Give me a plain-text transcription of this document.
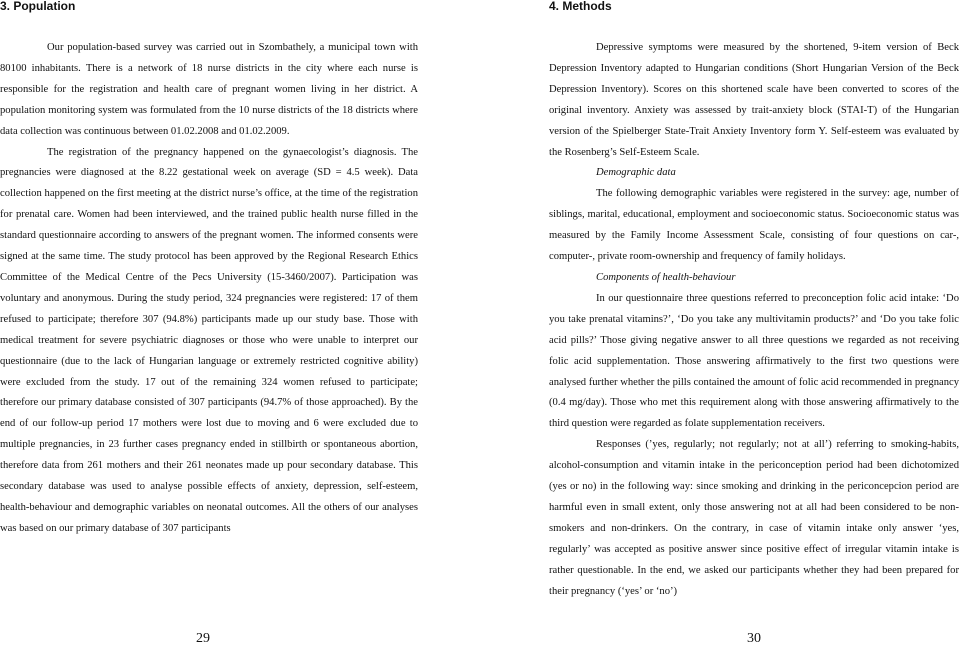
3. Population

Our population-based survey was carried out in Szombathely, a municipal town with 80100 inhabitants. There is a network of 18 nurse districts in the city where each nurse is responsible for the registration and health care of pregnant women living in her district. A population monitoring system was formulated from the 10 nurse districts of the 18 districts where data collection was continuous between 01.02.2008 and 01.02.2009.

The registration of the pregnancy happened on the gynaecologist’s diagnosis. The pregnancies were diagnosed at the 8.22 gestational week on average (SD = 4.5 week). Data collection happened on the first meeting at the district nurse’s office, at the time of the registration for prenatal care. Women had been interviewed, and the trained public health nurse filled in the standard questionnaire according to answers of the pregnant women. The informed consents were signed at the same time. The study protocol has been approved by the Regional Research Ethics Committee of the Medical Centre of the Pecs University (15-3460/2007). Participation was voluntary and anonymous. During the study period, 324 pregnancies were registered: 17 of them refused to participate; therefore 307 (94.8%) participants made up our study base. Those with medical treatment for severe psychiatric diagnoses or those who were unable to interpret our questionnaire (due to the lack of Hungarian language or extremely restricted cognitive ability) were excluded from the study. 17 out of the remaining 324 women refused to participate; therefore our primary database consisted of 307 participants (94.7% of those approached). By the end of our follow-up period 17 mothers were lost due to moving and 6 were excluded due to multiple pregnancies, in 23 further cases pregnancy ended in stillbirth or spontaneous abortion, therefore data from 261 mothers and their 261 neonates made up pour secondary database. This secondary database was used to analyse possible effects of anxiety, depression, self-esteem, health-behaviour and demographic variables on neonatal outcomes. All the others of our analyses was based on our primary database of 307 participants

29
4. Methods

Depressive symptoms were measured by the shortened, 9-item version of Beck Depression Inventory adapted to Hungarian conditions (Short Hungarian Version of the Beck Depression Inventory). Scores on this shortened scale have been converted to scores of the original inventory. Anxiety was assessed by trait-anxiety block (STAI-T) of the Hungarian version of the Spielberger State-Trait Anxiety Inventory form Y. Self-esteem was evaluated by the Rosenberg’s Self-Esteem Scale.

Demographic data

The following demographic variables were registered in the survey: age, number of siblings, marital, educational, employment and socioeconomic status. Socioeconomic status was measured by the Family Income Assessment Scale, consisting of four questions on car-, computer-, private room-ownership and frequency of family holidays.

Components of health-behaviour

In our questionnaire three questions referred to preconception folic acid intake: ‘Do you take prenatal vitamins?’, ‘Do you take any multivitamin products?’ and ‘Do you take folic acid pills?’ Those giving negative answer to all three questions we regarded as not receiving folic acid supplementation. Those answering affirmatively to the first two questions were analysed further whether the pills contained the amount of folic acid recommended in pregnancy (0.4 mg/day). Those who met this requirement along with those answering affirmatively to the third question were regarded as folate supplementation receivers.

Responses (’yes, regularly; not regularly; not at all’) referring to smoking-habits, alcohol-consumption and vitamin intake in the periconception period had been dichotomized (yes or no) in the following way: since smoking and drinking in the periconcepcion period are harmful even in small extent, only those answering not at all had been considered to be non-smokers and non-drinkers. On the contrary, in case of vitamin intake only answer ‘yes, regularly’ was accepted as positive answer since positive effect of irregular vitamin intake is rather questionable. In the end, we asked our participants whether they had been prepared for their pregnancy (‘yes’ or ‘no’)

30
